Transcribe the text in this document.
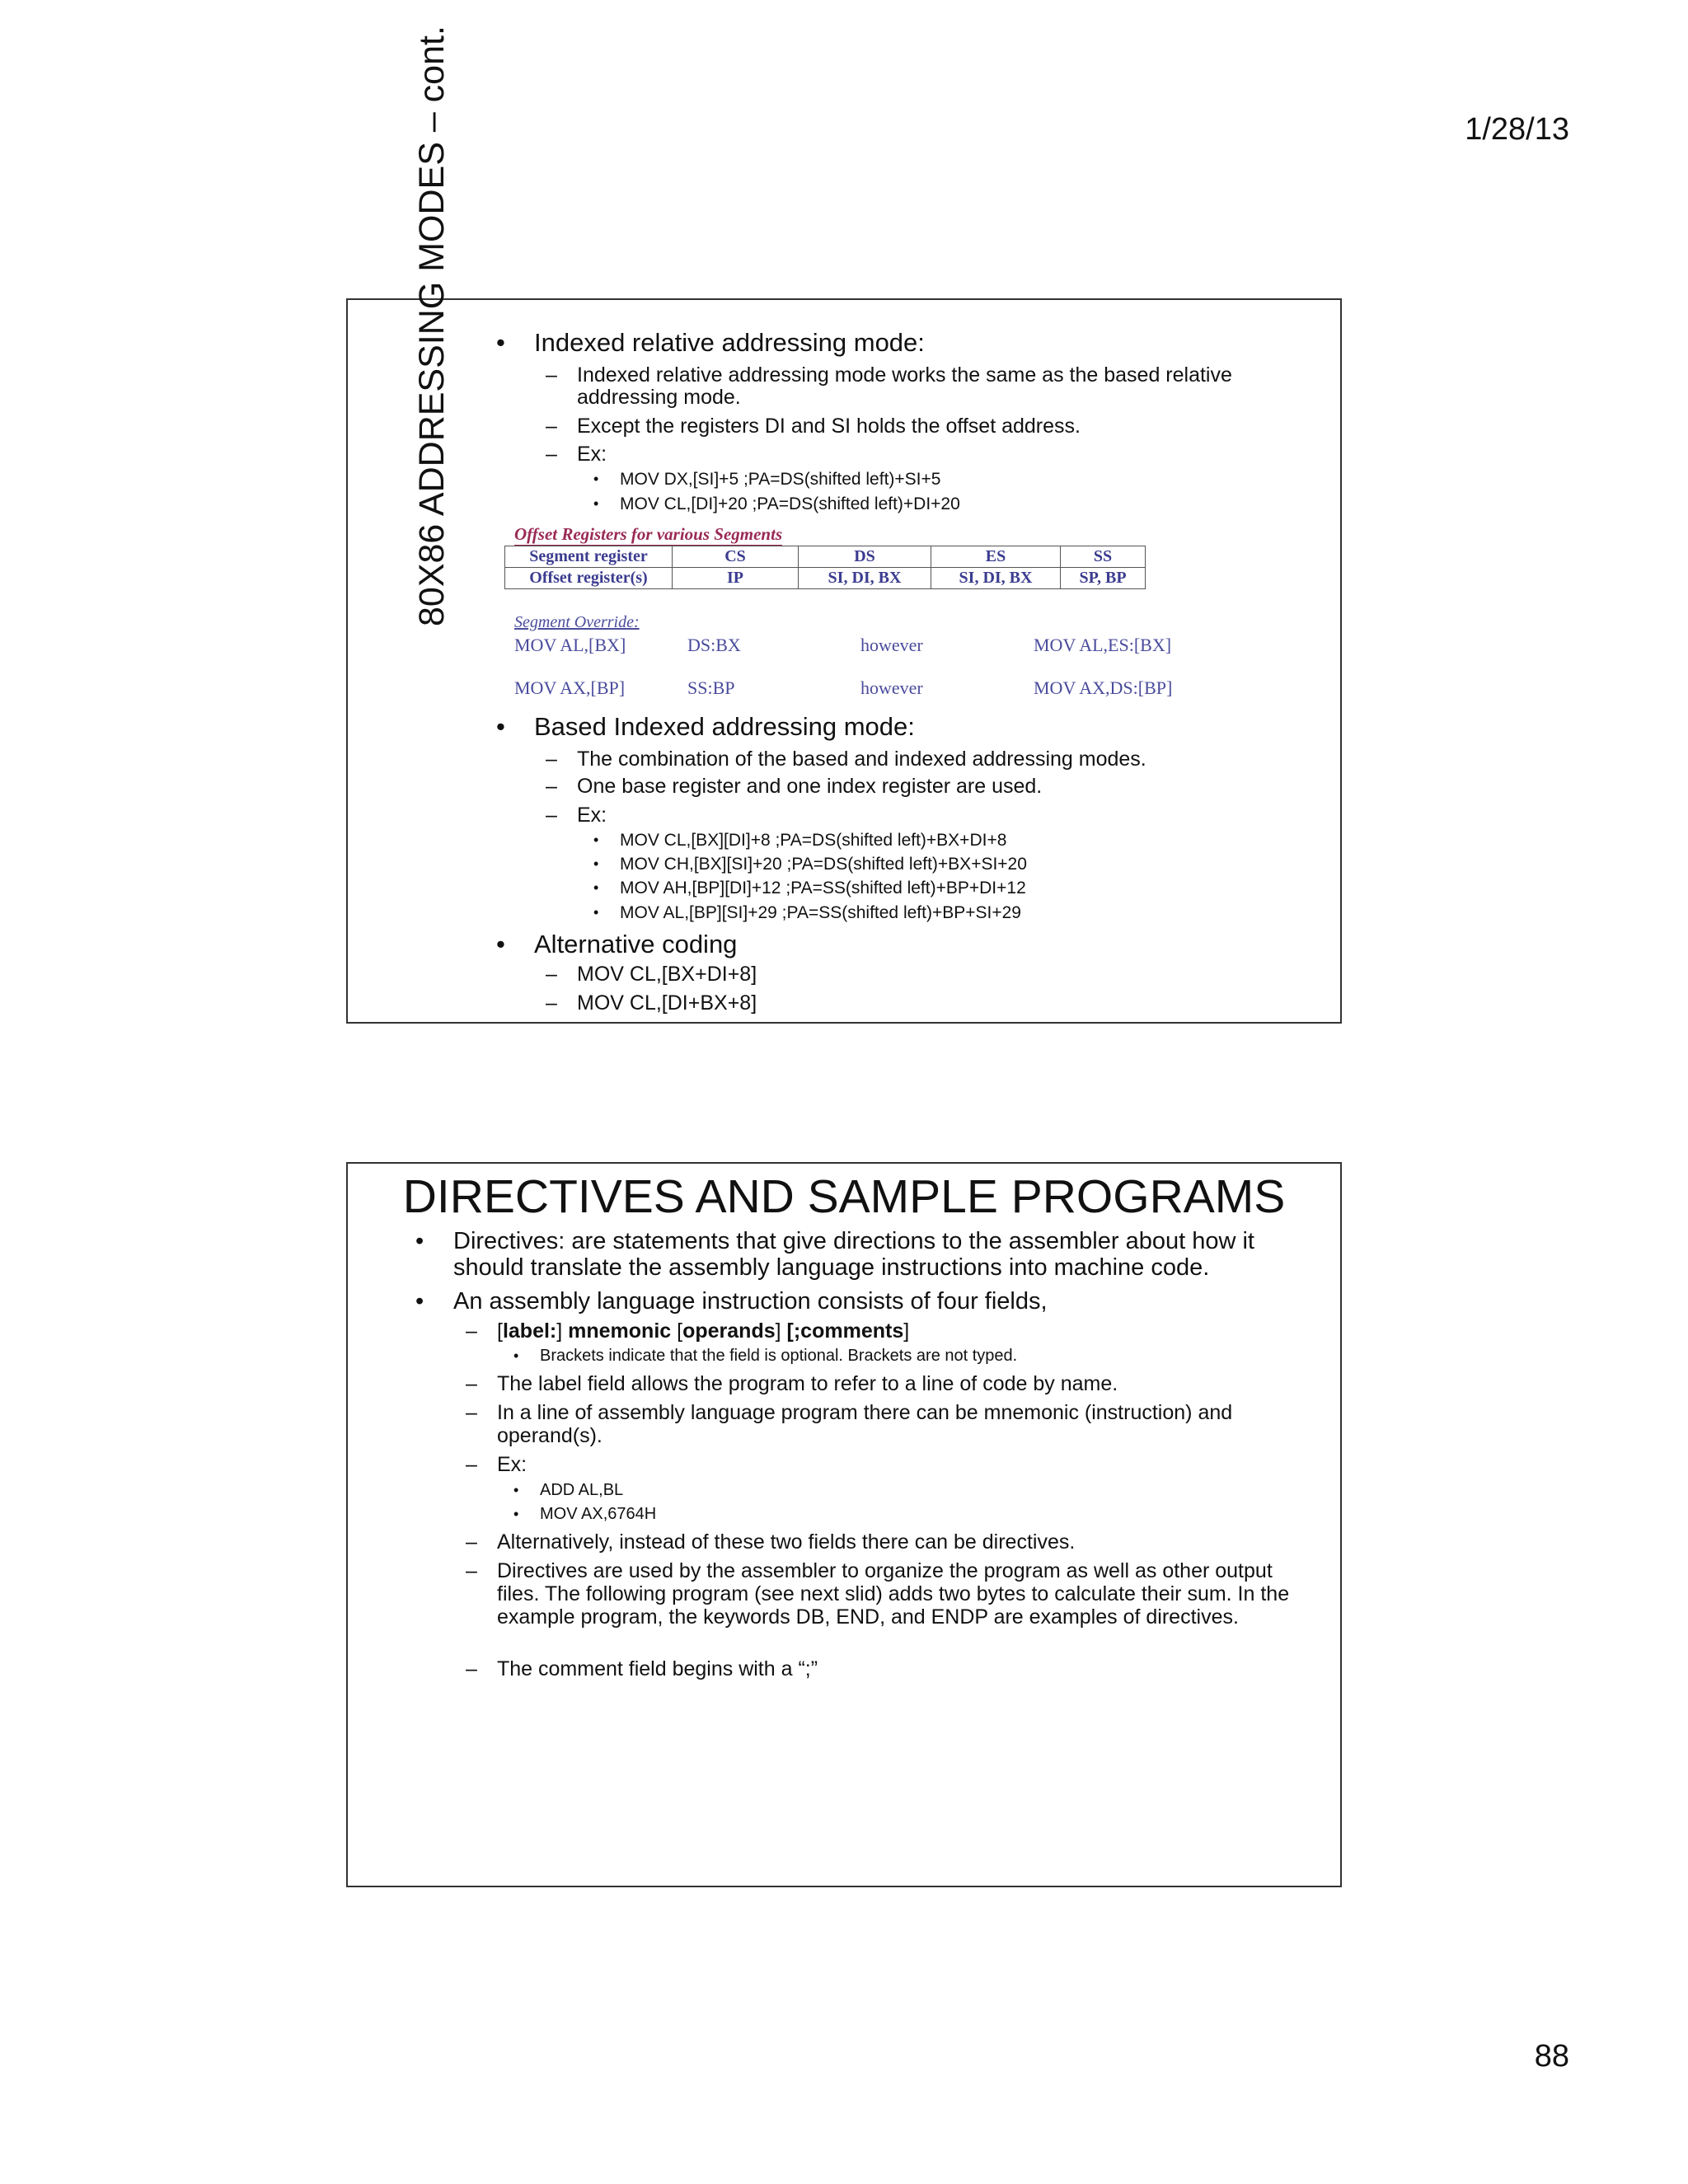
1/28/13
80X86 ADDRESSING MODES – cont.	• Indexed relative addressing mode:
– Indexed relative addressing mode works the same as the based relative
addressing mode.
– Except the registers DI and SI holds the offset address.
– Ex:
• MOV DX,[SI]+5 ;PA=DS(shifted left)+SI+5
• MOV CL,[DI]+20 ;PA=DS(shifted left)+DI+20
Offset Registers for various Segments
Segment register	CS	DS	ES	SS
Offset register(s)	IP	SI, DI, BX	SI, DI, BX	SP, BP
Segment Override:
MOV AL,[BX]	DS:BX	however	MOV AL,ES:[BX]
MOV AX,[BP]	SS:BP	however	MOV AX,DS:[BP]
• Based Indexed addressing mode:
– The combination of the based and indexed addressing modes.
– One base register and one index register are used.
– Ex:
• MOV CL,[BX][DI]+8 ;PA=DS(shifted left)+BX+DI+8
• MOV CH,[BX][SI]+20 ;PA=DS(shifted left)+BX+SI+20
• MOV AH,[BP][DI]+12 ;PA=SS(shifted left)+BP+DI+12
• MOV AL,[BP][SI]+29 ;PA=SS(shifted left)+BP+SI+29
• Alternative coding
– MOV CL,[BX+DI+8]
– MOV CL,[DI+BX+8]
DIRECTIVES AND SAMPLE PROGRAMS
• Directives: are statements that give directions to the assembler about how it should translate the assembly language instructions into machine code.
• An assembly language instruction consists of four fields,
– [label:] mnemonic [operands] [;comments]
• Brackets indicate that the field is optional. Brackets are not typed.
– The label field allows the program to refer to a line of code by name.
– In a line of assembly language program there can be mnemonic (instruction) and operand(s).
– Ex:
• ADD AL,BL
• MOV AX,6764H
– Alternatively, instead of these two fields there can be directives.
– Directives are used by the assembler to organize the program as well as other output files. The following program (see next slid) adds two bytes to calculate their sum. In the example program, the keywords DB, END, and ENDP are examples of directives.
– The comment field begins with a “;”
88
